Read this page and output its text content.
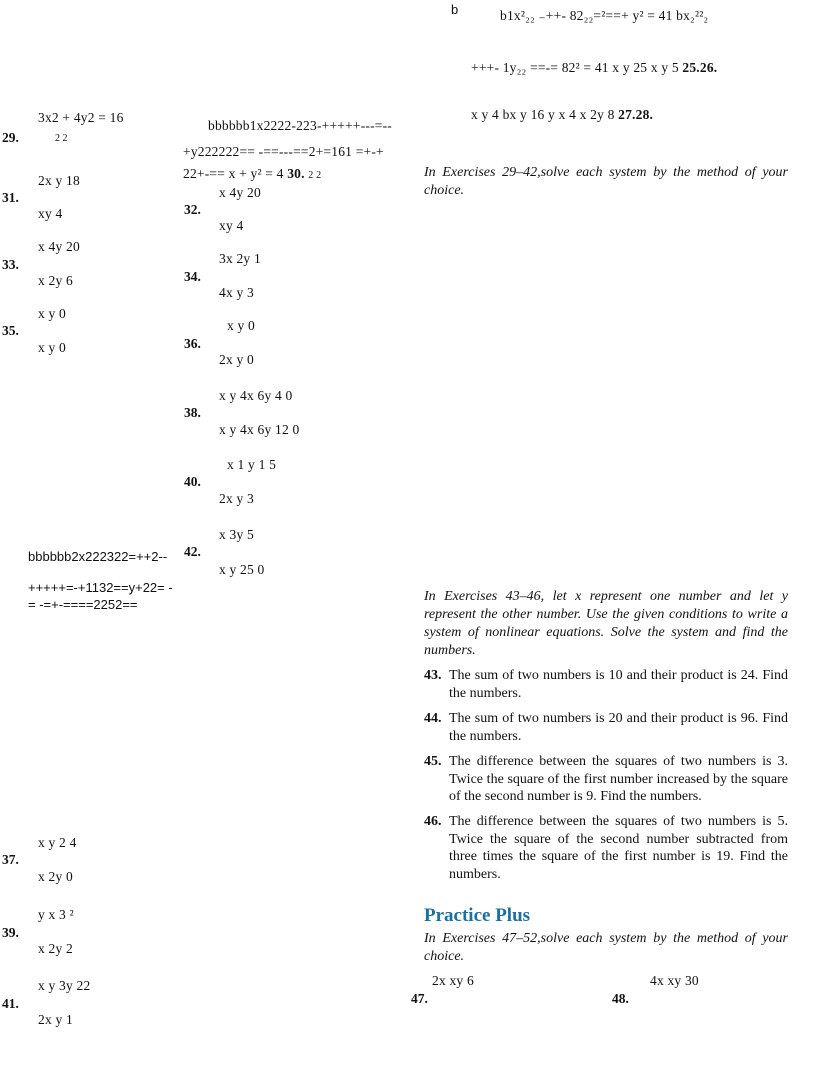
b	b1x²₂₂ ₋++- 82₂₂=²==+ y² = 41 bx₂²²₂
+++- 1y₂₂ ==-= 82² = 41 x y 25 x y 5 25.26.
x y 4 bx y 16 y x 4 x 2y 8 27.28.
bbbbbb1x2222-223-+++++---=--
+y222222== -==---==2+=161 =+-+
22+-== x + y² = 4 30. 2 2
3x2 + 4y2 = 16
29.	2 2
2x y 18
31.
xy 4
x 4y 20
33.
x 2y 6
x y 0
35.
x y 0
bbbbbb2x222322=++2--
+++++=-+1132==y+22= -
= -=+-====2252==
x y 2 4
37.
x 2y 0
y x 3 ²
39.
x 2y 2
x y 3y 22
41.
2x y 1
x 4y 20
32.
xy 4
3x 2y 1
34.
4x y 3
x y 0
36.
2x y 0
x y 4x 6y 4 0
38.
x y 4x 6y 12 0
x 1 y 1 5
40.
2x y 3
x 3y 5
42.
x y 25 0
In Exercises 29–42,solve each system by the method of your choice.
In Exercises 43–46, let x represent one number and let y represent the other number. Use the given conditions to write a system of nonlinear equations. Solve the system and find the numbers.
43. The sum of two numbers is 10 and their product is 24. Find the numbers.
44. The sum of two numbers is 20 and their product is 96. Find the numbers.
45. The difference between the squares of two numbers is 3. Twice the square of the first number increased by the square of the second number is 9. Find the numbers.
46. The difference between the squares of two numbers is 5. Twice the square of the second number subtracted from three times the square of the first number is 19. Find the numbers.
Practice Plus
In Exercises 47–52,solve each system by the method of your choice.
2x xy 6
47.
4x xy 30
48.
